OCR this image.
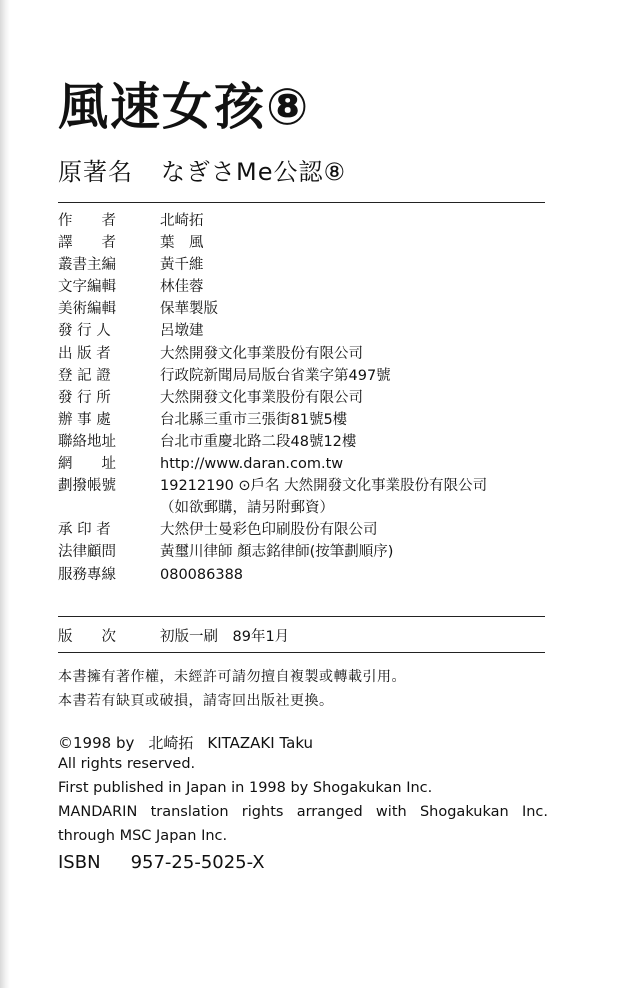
風速女孩⑧
原著名 なぎさMe公認⑧
作　　者	北崎拓
譯　　者	葉　風
叢書主編	黃千維
文字編輯	林佳蓉
美術編輯	保華製版
發 行 人	呂墩建
出 版 者	大然開發文化事業股份有限公司
登 記 證	行政院新聞局局版台省業字第497號
發 行 所	大然開發文化事業股份有限公司
辦 事 處	台北縣三重市三張街81號5樓
聯絡地址	台北市重慶北路二段48號12樓
網　　址	http://www.daran.com.tw
劃撥帳號	19212190 ⊙戶名 大然開發文化事業股份有限公司
（如欲郵購，請另附郵資）
承 印 者	大然伊士曼彩色印刷股份有限公司
法律顧問	黃璽川律師 顏志銘律師(按筆劃順序)
服務專線	080086388
版　　次	初版一刷　89年1月
本書擁有著作權，未經許可請勿擅自複製或轉載引用。
本書若有缺頁或破損，請寄回出版社更換。
©1998 by 北崎拓 KITAZAKI Taku
All rights reserved.
First published in Japan in 1998 by Shogakukan Inc.
MANDARIN translation rights arranged with Shogakukan Inc.
through MSC Japan Inc.
ISBN 957-25-5025-X
